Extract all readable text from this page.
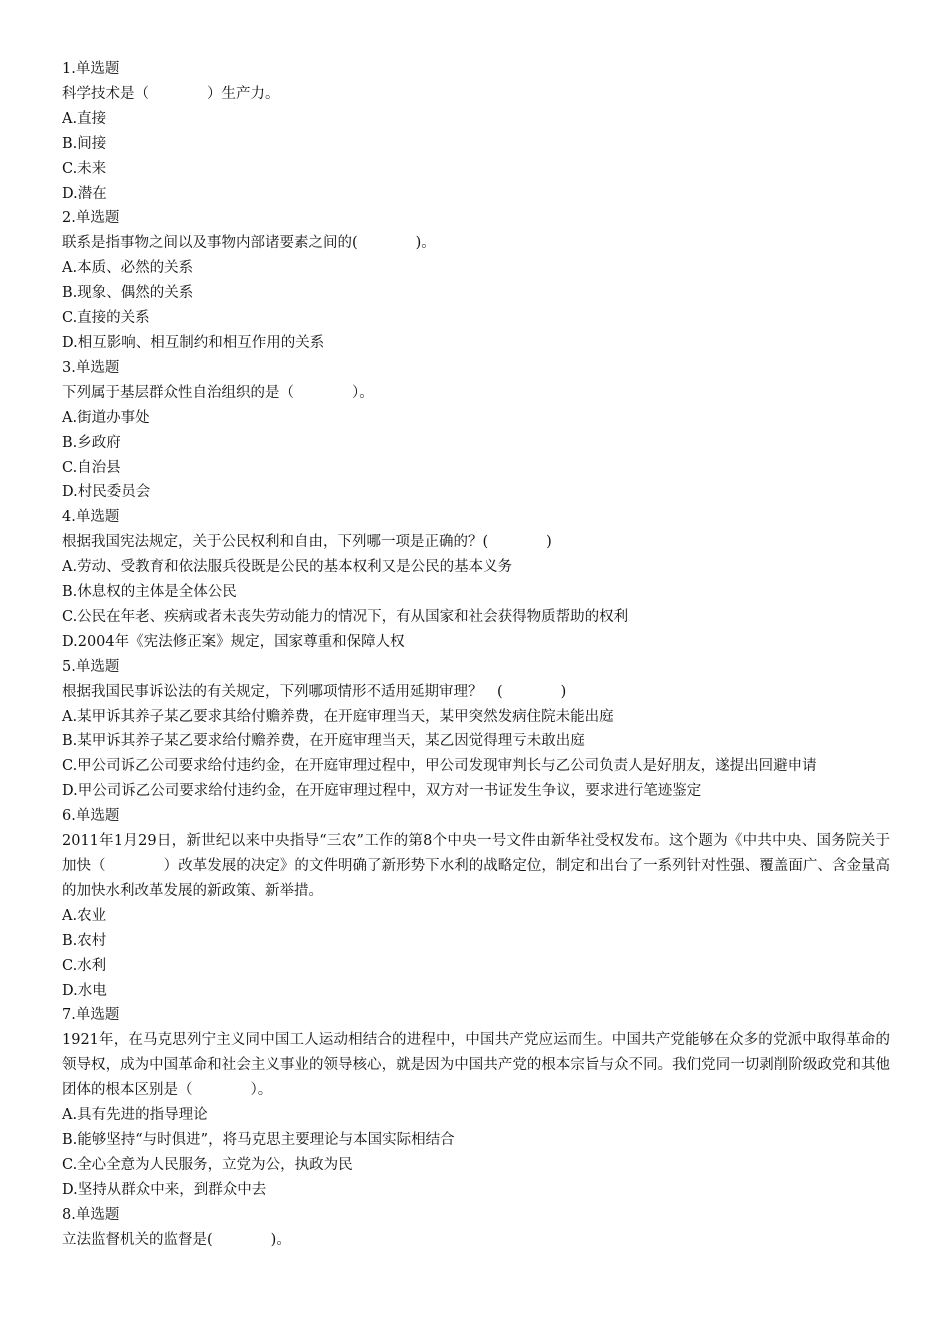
1.单选题

科学技术是（　　　　）生产力。

A.直接

B.间接

C.未来

D.潜在

2.单选题

联系是指事物之间以及事物内部诸要素之间的(　　　　)。

A.本质、必然的关系

B.现象、偶然的关系

C.直接的关系

D.相互影响、相互制约和相互作用的关系

3.单选题

下列属于基层群众性自治组织的是（　　　　）。

A.街道办事处

B.乡政府

C.自治县

D.村民委员会

4.单选题

根据我国宪法规定，关于公民权利和自由，下列哪一项是正确的？(　　　　)

A.劳动、受教育和依法服兵役既是公民的基本权利又是公民的基本义务

B.休息权的主体是全体公民

C.公民在年老、疾病或者未丧失劳动能力的情况下，有从国家和社会获得物质帮助的权利

D.2004年《宪法修正案》规定，国家尊重和保障人权

5.单选题

根据我国民事诉讼法的有关规定，下列哪项情形不适用延期审理？　(　　　　)

A.某甲诉其养子某乙要求其给付赡养费，在开庭审理当天，某甲突然发病住院未能出庭

B.某甲诉其养子某乙要求给付赡养费，在开庭审理当天，某乙因觉得理亏未敢出庭

C.甲公司诉乙公司要求给付违约金，在开庭审理过程中，甲公司发现审判长与乙公司负责人是好朋友，遂提出回避申请

D.甲公司诉乙公司要求给付违约金，在开庭审理过程中，双方对一书证发生争议，要求进行笔迹鉴定

6.单选题

2011年1月29日，新世纪以来中央指导“三农”工作的第8个中央一号文件由新华社受权发布。这个题为《中共中央、国务院关于加快（　　　　）改革发展的决定》的文件明确了新形势下水利的战略定位，制定和出台了一系列针对性强、覆盖面广、含金量高的加快水利改革发展的新政策、新举措。

A.农业

B.农村

C.水利

D.水电

7.单选题

1921年，在马克思列宁主义同中国工人运动相结合的进程中，中国共产党应运而生。中国共产党能够在众多的党派中取得革命的领导权，成为中国革命和社会主义事业的领导核心，就是因为中国共产党的根本宗旨与众不同。我们党同一切剥削阶级政党和其他团体的根本区别是（　　　　）。

A.具有先进的指导理论

B.能够坚持“与时俱进”，将马克思主要理论与本国实际相结合

C.全心全意为人民服务，立党为公，执政为民

D.坚持从群众中来，到群众中去

8.单选题

立法监督机关的监督是(　　　　)。
